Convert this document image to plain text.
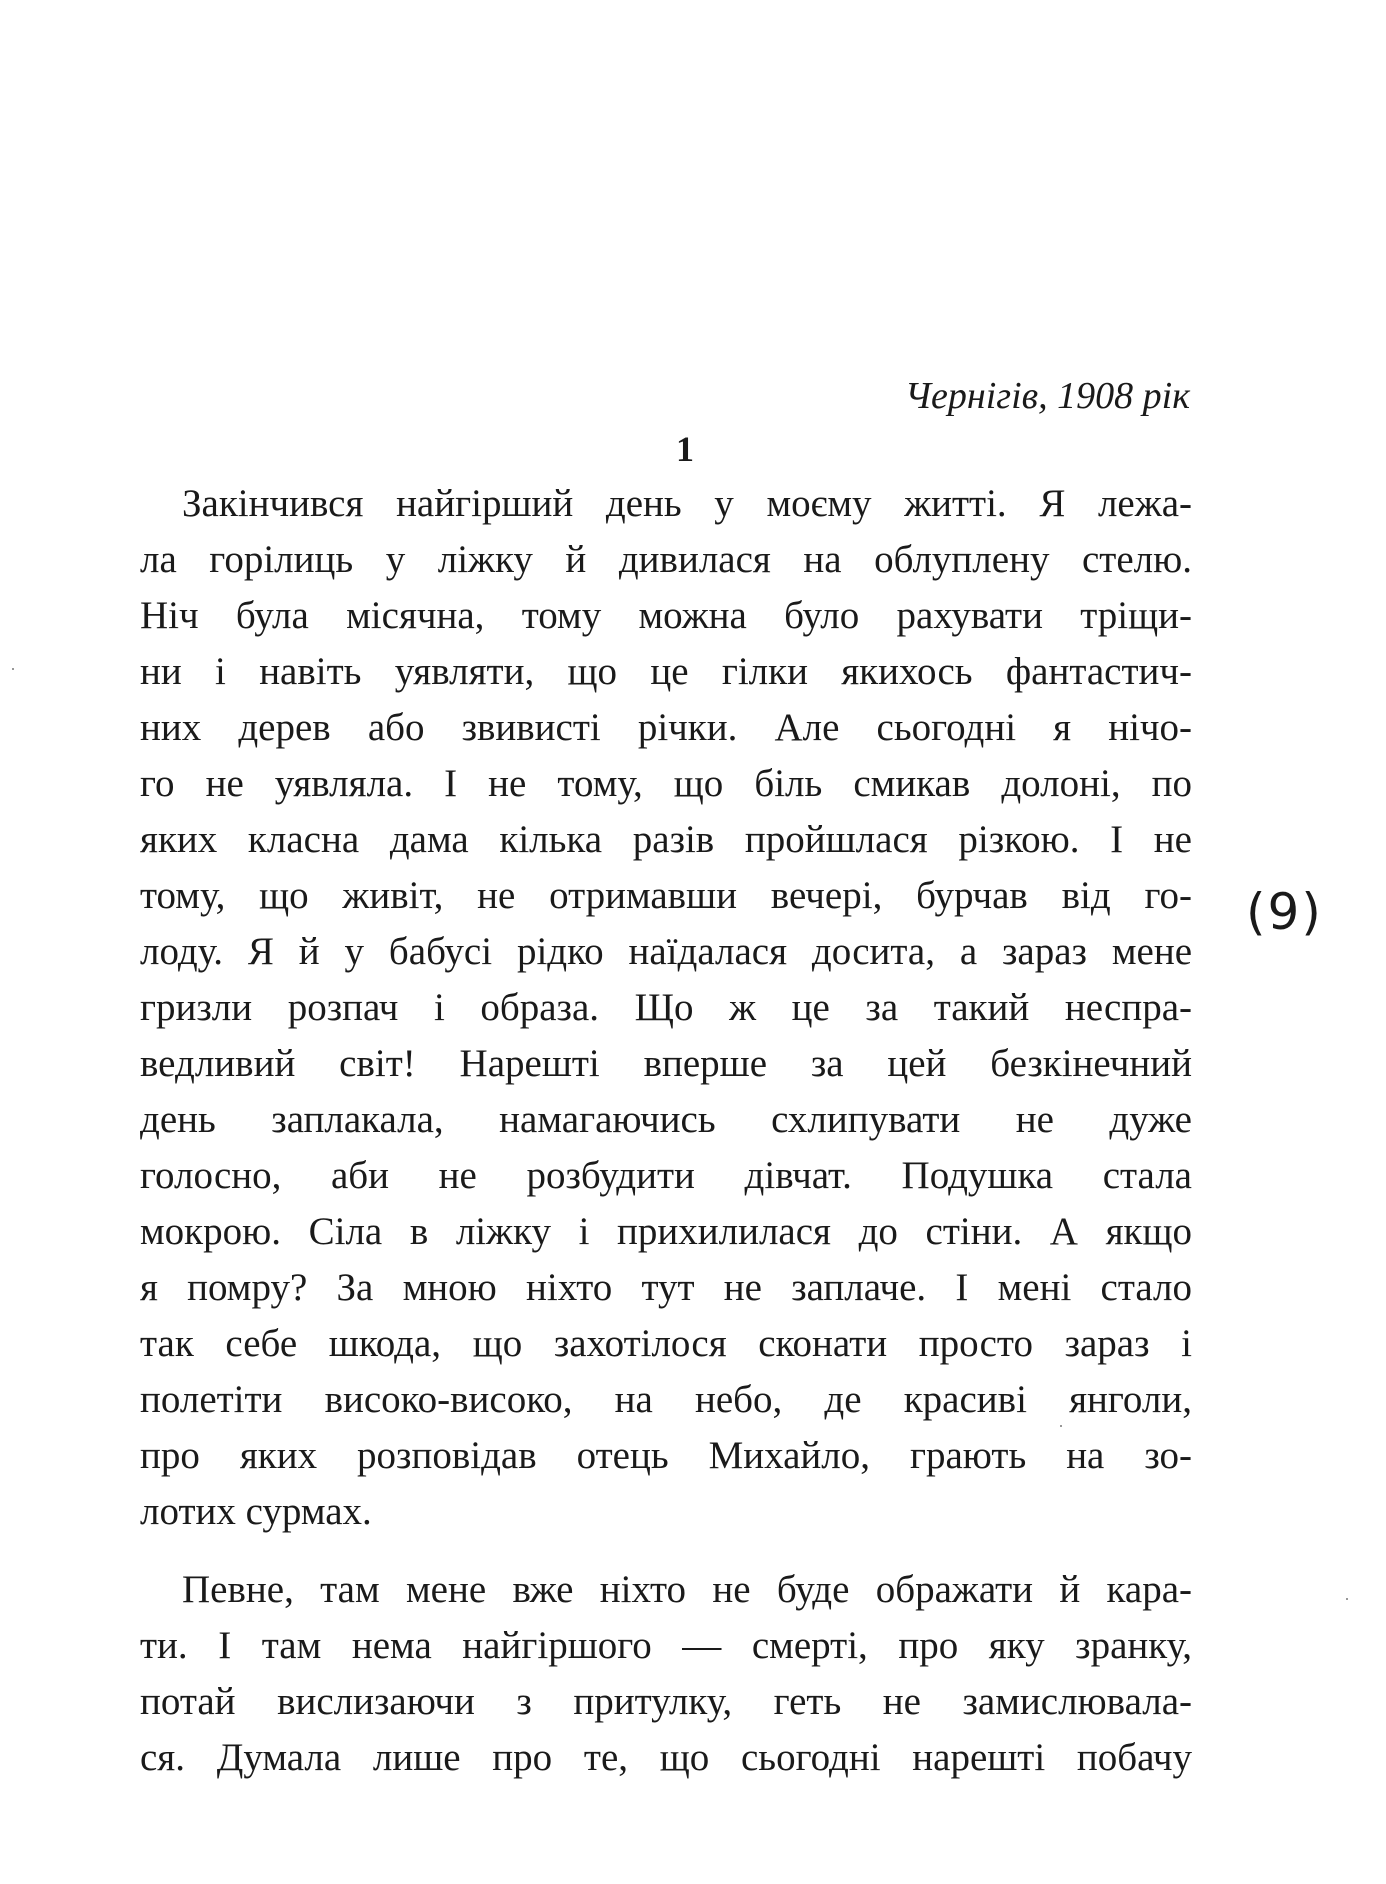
Чернігів, 1908 рік
1
Закінчився найгірший день у моєму житті. Я лежа-
ла горілиць у ліжку й дивилася на облуплену стелю.
Ніч була місячна, тому можна було рахувати тріщи-
ни і навіть уявляти, що це гілки якихось фантастич-
них дерев або звивисті річки. Але сьогодні я нічо-
го не уявляла. І не тому, що біль смикав долоні, по
яких класна дама кілька разів пройшлася різкою. І не
тому, що живіт, не отримавши вечері, бурчав від го-
лоду. Я й у бабусі рідко наїдалася досита, а зараз мене
гризли розпач і образа. Що ж це за такий неспра-
ведливий світ! Нарешті вперше за цей безкінечний
день заплакала, намагаючись схлипувати не дуже
голосно, аби не розбудити дівчат. Подушка стала
мокрою. Сіла в ліжку і прихилилася до стіни. А якщо
я помру? За мною ніхто тут не заплаче. І мені стало
так себе шкода, що захотілося сконати просто зараз і
полетіти високо-високо, на небо, де красиві янголи,
про яких розповідав отець Михайло, грають на зо-
лотих сурмах.
Певне, там мене вже ніхто не буде ображати й кара-
ти. І там нема найгіршого — смерті, про яку зранку,
потай вислизаючи з притулку, геть не замислювала-
ся. Думала лише про те, що сьогодні нарешті побачу
(9)
